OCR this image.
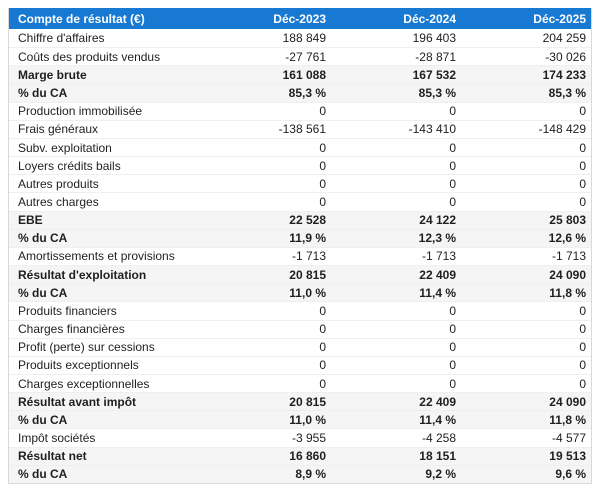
Compte de résultat (€)	Déc-2023	Déc-2024	Déc-2025
Chiffre d'affaires	188 849	196 403	204 259
Coûts des produits vendus	-27 761	-28 871	-30 026
Marge brute	161 088	167 532	174 233
% du CA	85,3 %	85,3 %	85,3 %
Production immobilisée	0	0	0
Frais généraux	-138 561	-143 410	-148 429
Subv. exploitation	0	0	0
Loyers crédits bails	0	0	0
Autres produits	0	0	0
Autres charges	0	0	0
EBE	22 528	24 122	25 803
% du CA	11,9 %	12,3 %	12,6 %
Amortissements et provisions	-1 713	-1 713	-1 713
Résultat d'exploitation	20 815	22 409	24 090
% du CA	11,0 %	11,4 %	11,8 %
Produits financiers	0	0	0
Charges financières	0	0	0
Profit (perte) sur cessions	0	0	0
Produits exceptionnels	0	0	0
Charges exceptionnelles	0	0	0
Résultat avant impôt	20 815	22 409	24 090
% du CA	11,0 %	11,4 %	11,8 %
Impôt sociétés	-3 955	-4 258	-4 577
Résultat net	16 860	18 151	19 513
% du CA	8,9 %	9,2 %	9,6 %
